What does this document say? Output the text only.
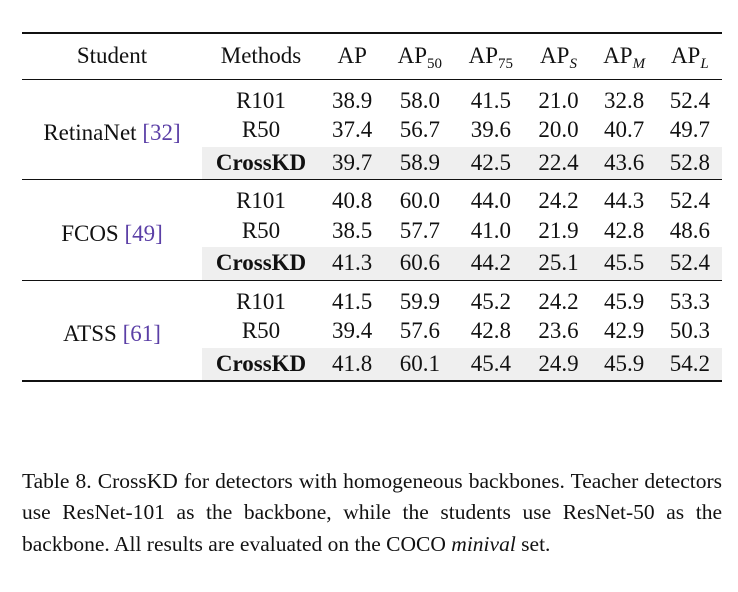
Student	Methods	AP	$AP_{50}$	$AP_{75}$	$AP_S$	$AP_M$	$AP_L$
RetinaNet [32]	R101	38.9	58.0	41.5	21.0	32.8	52.4
	R50	37.4	56.7	39.6	20.0	40.7	49.7
	CrossKD	39.7	58.9	42.5	22.4	43.6	52.8
FCOS [49]	R101	40.8	60.0	44.0	24.2	44.3	52.4
	R50	38.5	57.7	41.0	21.9	42.8	48.6
	CrossKD	41.3	60.6	44.2	25.1	45.5	52.4
ATSS [61]	R101	41.5	59.9	45.2	24.2	45.9	53.3
	R50	39.4	57.6	42.8	23.6	42.9	50.3
	CrossKD	41.8	60.1	45.4	24.9	45.9	54.2

Table 8. CrossKD for detectors with homogeneous backbones. Teacher detectors use ResNet-101 as the backbone, while the students use ResNet-50 as the backbone. All results are evaluated on the COCO minival set.
